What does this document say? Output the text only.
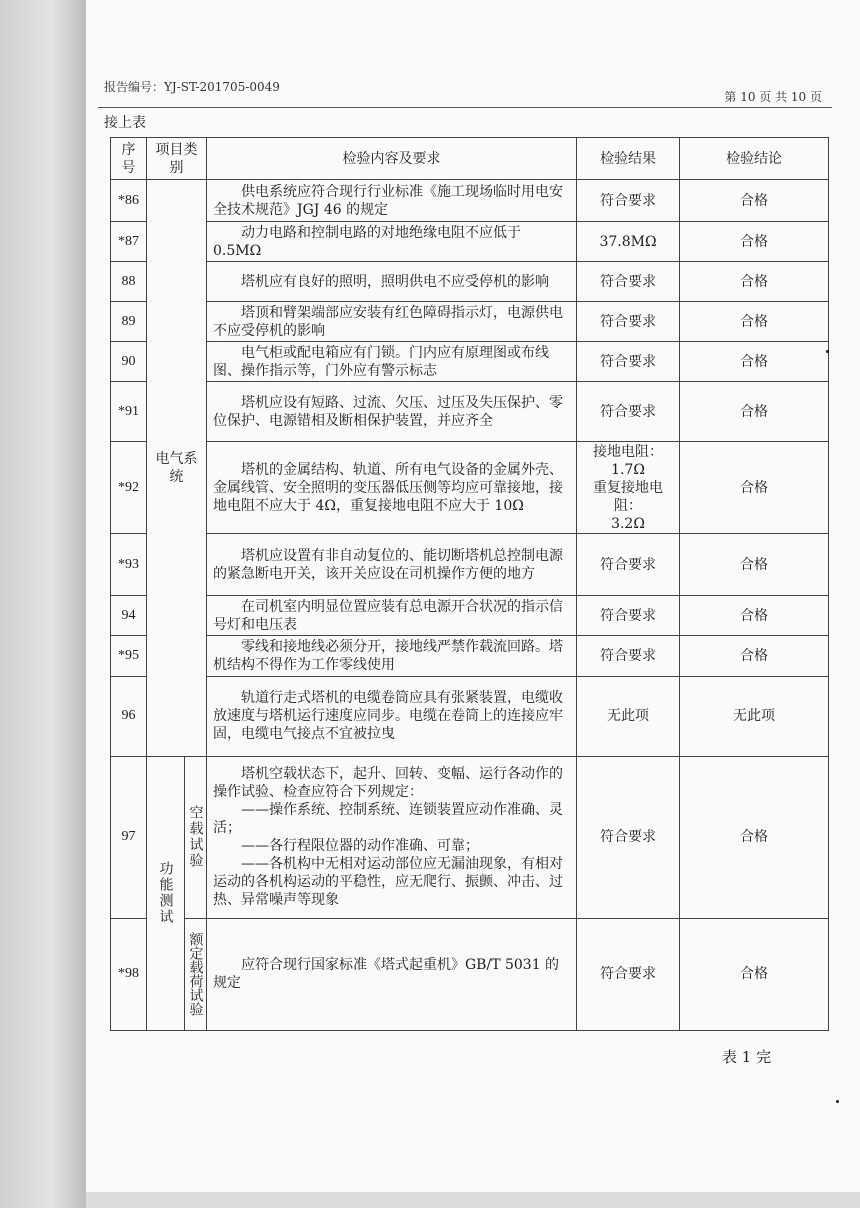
报告编号：YJ-ST-201705-0049
第 10 页 共 10 页
接上表
序号	项目类别		检验内容及要求	检验结果	检验结论
*86	电气系统		供电系统应符合现行行业标准《施工现场临时用电安全技术规范》JGJ 46 的规定	符合要求	合格
*87			动力电路和控制电路的对地绝缘电阻不应低于 0.5MΩ	37.8MΩ	合格
88			塔机应有良好的照明，照明供电不应受停机的影响	符合要求	合格
89			塔顶和臂架端部应安装有红色障碍指示灯，电源供电不应受停机的影响	符合要求	合格
90			电气柜或配电箱应有门锁。门内应有原理图或布线图、操作指示等，门外应有警示标志	符合要求	合格
*91			塔机应设有短路、过流、欠压、过压及失压保护、零位保护、电源错相及断相保护装置，并应齐全	符合要求	合格
*92			塔机的金属结构、轨道、所有电气设备的金属外壳、金属线管、安全照明的变压器低压侧等均应可靠接地，接地电阻不应大于 4Ω，重复接地电阻不应大于 10Ω	接地电阻：
1.7Ω
重复接地电阻：
3.2Ω	合格
*93			塔机应设置有非自动复位的、能切断塔机总控制电源的紧急断电开关，该开关应设在司机操作方便的地方	符合要求	合格
94			在司机室内明显位置应装有总电源开合状况的指示信号灯和电压表	符合要求	合格
*95			零线和接地线必须分开，接地线严禁作载流回路。塔机结构不得作为工作零线使用	符合要求	合格
96			轨道行走式塔机的电缆卷筒应具有张紧装置，电缆收放速度与塔机运行速度应同步。电缆在卷筒上的连接应牢固，电缆电气接点不宜被拉曳	无此项	无此项
97	功能测试	空载试验	塔机空载状态下，起升、回转、变幅、运行各动作的操作试验、检查应符合下列规定：
——操作系统、控制系统、连锁装置应动作准确、灵活；
——各行程限位器的动作准确、可靠；
——各机构中无相对运动部位应无漏油现象，有相对运动的各机构运动的平稳性，应无爬行、振颤、冲击、过热、异常噪声等现象	符合要求	合格
*98		额定载荷试验	应符合现行国家标准《塔式起重机》GB/T 5031 的规定	符合要求	合格
表 1 完
